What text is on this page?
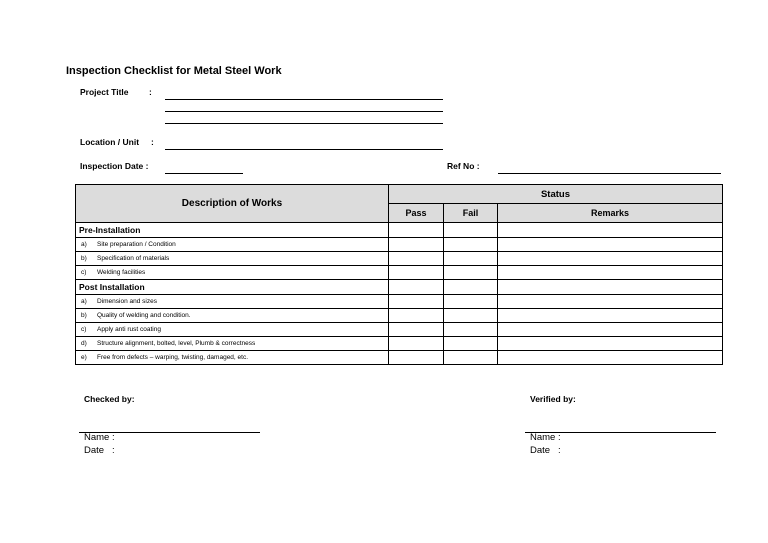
Inspection Checklist for Metal Steel Work
Project Title :
Location / Unit :
Inspection Date :	Ref No :
Description of Works	Status		
	Pass	Fail	Remarks
Pre-Installation			
a) Site preparation / Condition			
b) Specification of materials			
c) Welding facilities			
Post Installation			
a) Dimension and sizes			
b) Quality of welding and condition.			
c) Apply anti rust coating			
d) Structure alignment, bolted, level, Plumb & correctness			
e) Free from defects – warping, twisting, damaged, etc.			
Checked by:
Name :
Date   :
Verified by:
Name :
Date   :
